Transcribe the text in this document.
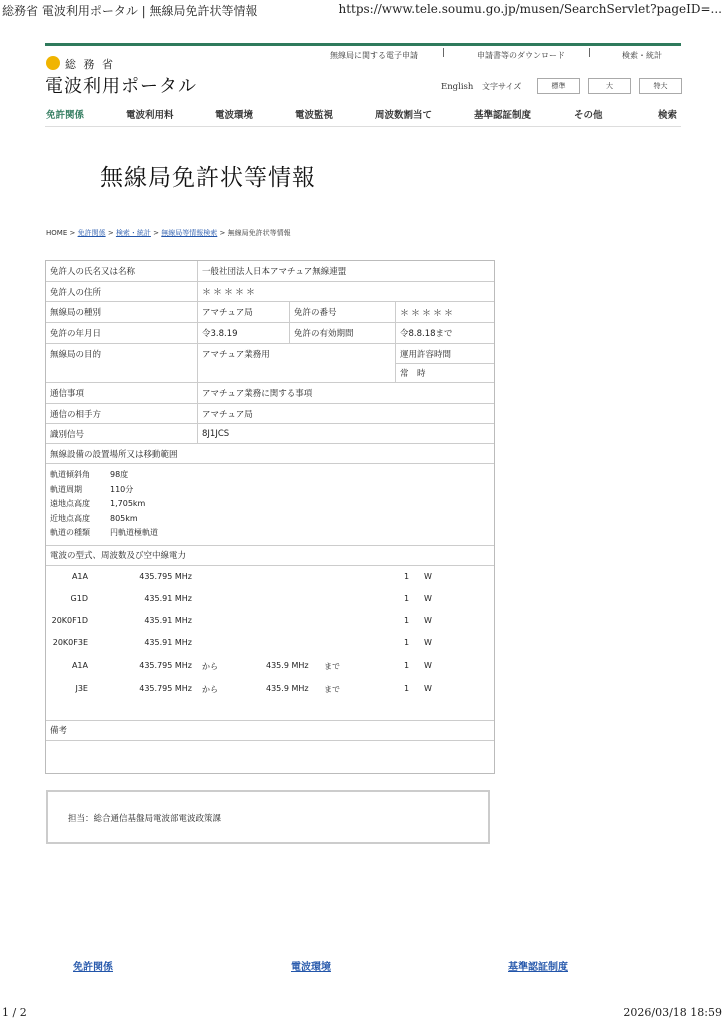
総務省 電波利用ポータル | 無線局免許状等情報	https://www.tele.soumu.go.jp/musen/SearchServlet?pageID=...
総 務 省
電波利用ポータル
無線局に関する電子申請	|	申請書等のダウンロード	|	検索・統計
English 文字サイズ	標準	大	特大
免許関係	電波利用料	電波環境	電波監視	周波数割当て	基準認証制度	その他	検索
無線局免許状等情報
HOME > 免許関係 > 検索・統計 > 無線局等情報検索 > 無線局免許状等情報
免許人の氏名又は名称	一般社団法人日本アマチュア無線連盟
免許人の住所	＊＊＊＊＊
無線局の種別	アマチュア局	免許の番号	＊＊＊＊＊
免許の年月日	令3.8.19	免許の有効期間	令8.8.18まで
無線局の目的	アマチュア業務用	運用許容時間
常　時
通信事項	アマチュア業務に関する事項
通信の相手方	アマチュア局
識別信号	8J1JCS
無線設備の設置場所又は移動範囲
軌道傾斜角	98度
軌道周期	110分
遠地点高度	1,705km
近地点高度	805km
軌道の種類	円軌道極軌道
電波の型式、周波数及び空中線電力
A1A	435.795 MHz	1 W
G1D	435.91 MHz	1 W
20K0F1D	435.91 MHz	1 W
20K0F3E	435.91 MHz	1 W
A1A	435.795 MHz から	435.9 MHz まで	1 W
J3E	435.795 MHz から	435.9 MHz まで	1 W
備考
担当：総合通信基盤局電波部電波政策課
免許関係	電波環境	基準認証制度
1 / 2	2026/03/18 18:59
